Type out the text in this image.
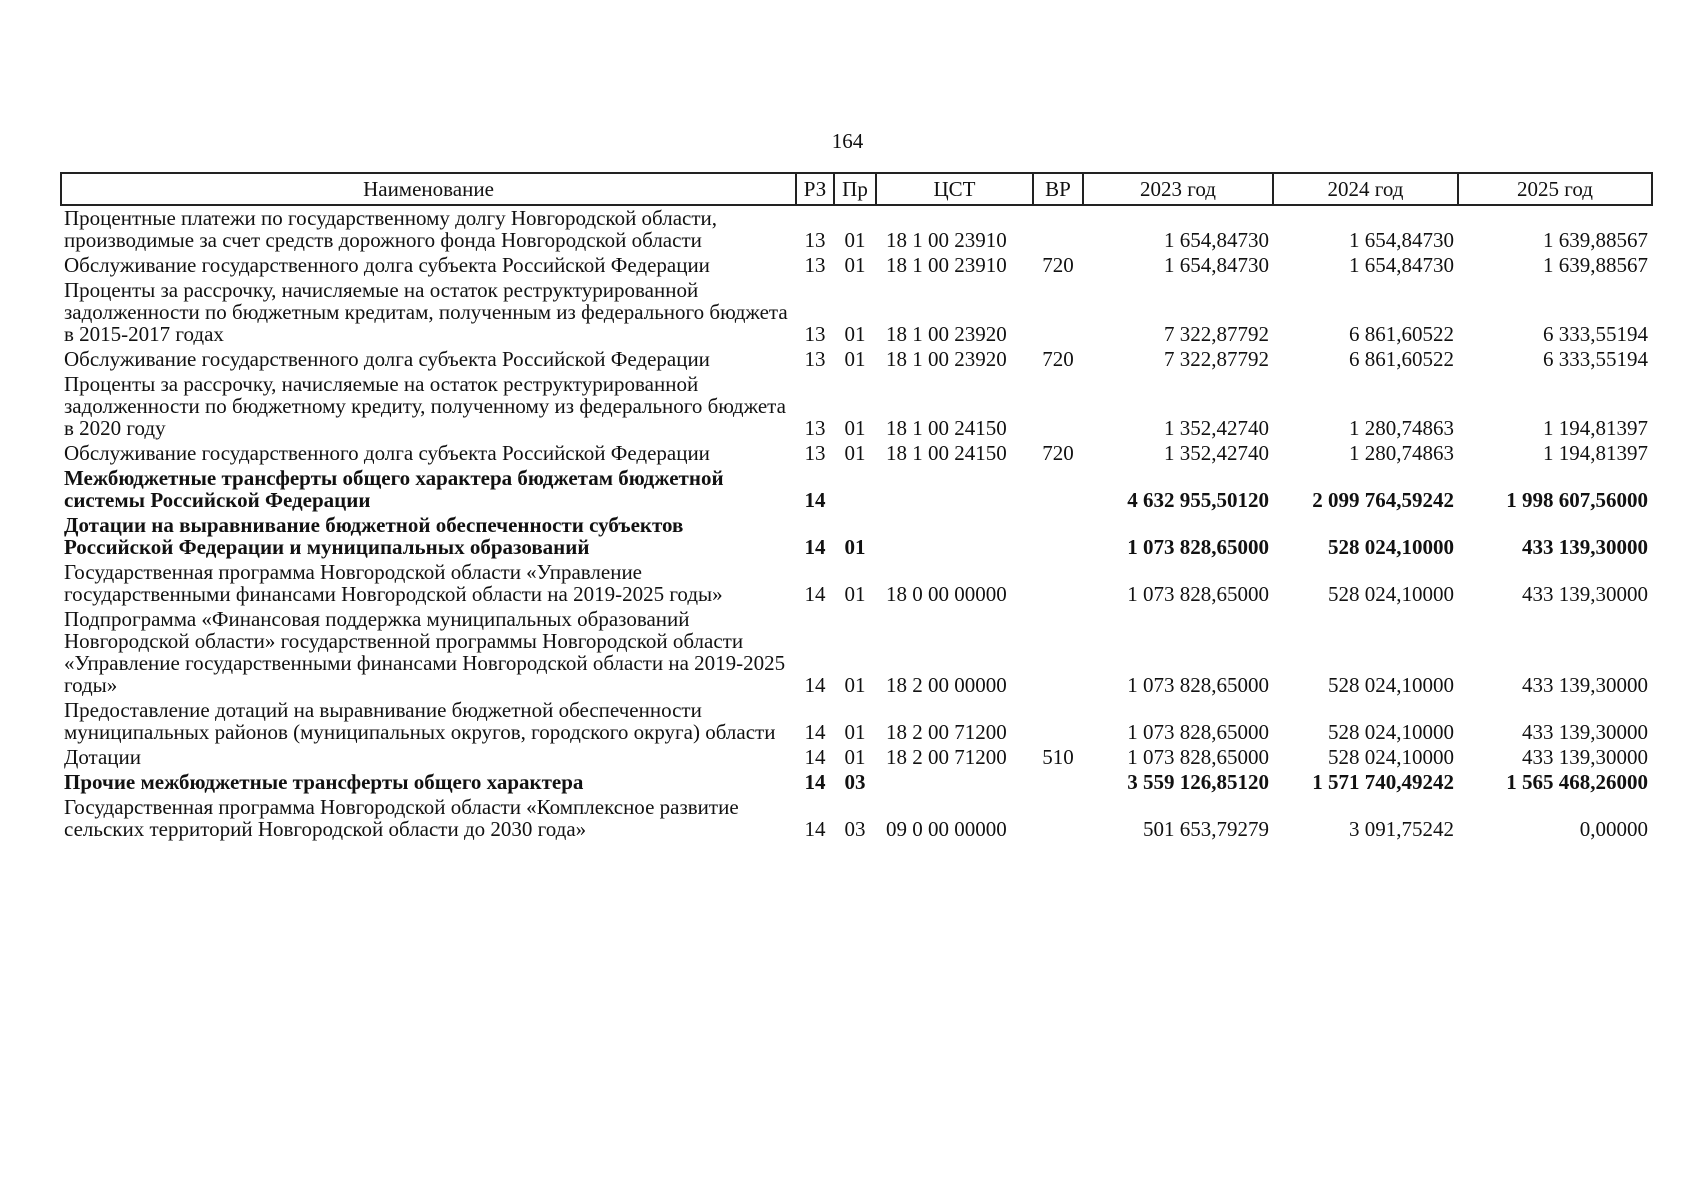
164
Наименование	РЗ	Пр	ЦСТ	ВР	2023 год	2024 год	2025 год
Процентные платежи по государственному долгу Новгородской области, производимые за счет средств дорожного фонда Новгородской области	13	01	18 1 00 23910		1 654,84730	1 654,84730	1 639,88567
Обслуживание государственного долга субъекта Российской Федерации	13	01	18 1 00 23910	720	1 654,84730	1 654,84730	1 639,88567
Проценты за рассрочку, начисляемые на остаток реструктурированной задолженности по бюджетным кредитам, полученным из федерального бюджета в 2015-2017 годах	13	01	18 1 00 23920		7 322,87792	6 861,60522	6 333,55194
Обслуживание государственного долга субъекта Российской Федерации	13	01	18 1 00 23920	720	7 322,87792	6 861,60522	6 333,55194
Проценты за рассрочку, начисляемые на остаток реструктурированной задолженности по бюджетному кредиту, полученному из федерального бюджета в 2020 году	13	01	18 1 00 24150		1 352,42740	1 280,74863	1 194,81397
Обслуживание государственного долга субъекта Российской Федерации	13	01	18 1 00 24150	720	1 352,42740	1 280,74863	1 194,81397
Межбюджетные трансферты общего характера бюджетам бюджетной системы Российской Федерации	14				4 632 955,50120	2 099 764,59242	1 998 607,56000
Дотации на выравнивание бюджетной обеспеченности субъектов Российской Федерации и муниципальных образований	14	01			1 073 828,65000	528 024,10000	433 139,30000
Государственная программа Новгородской области «Управление государственными финансами Новгородской области на 2019-2025 годы»	14	01	18 0 00 00000		1 073 828,65000	528 024,10000	433 139,30000
Подпрограмма «Финансовая поддержка муниципальных образований Новгородской области» государственной программы Новгородской области «Управление государственными финансами Новгородской области на 2019-2025 годы»	14	01	18 2 00 00000		1 073 828,65000	528 024,10000	433 139,30000
Предоставление дотаций на выравнивание бюджетной обеспеченности муниципальных районов (муниципальных округов, городского округа) области	14	01	18 2 00 71200		1 073 828,65000	528 024,10000	433 139,30000
Дотации	14	01	18 2 00 71200	510	1 073 828,65000	528 024,10000	433 139,30000
Прочие межбюджетные трансферты общего характера	14	03			3 559 126,85120	1 571 740,49242	1 565 468,26000
Государственная программа Новгородской области «Комплексное развитие сельских территорий Новгородской области до 2030 года»	14	03	09 0 00 00000		501 653,79279	3 091,75242	0,00000
